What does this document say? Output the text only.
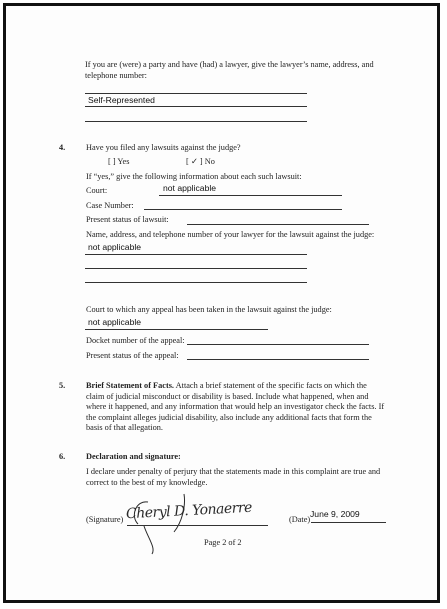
If you are (were) a party and have (had) a lawyer, give the lawyer’s name, address, and telephone number:
Self-Represented
4.	Have you filed any lawsuits against the judge?
[ ] Yes	[ ✓ ] No
If “yes,” give the following information about each such lawsuit:
Court:	not applicable
Case Number:
Present status of lawsuit:
Name, address, and telephone number of your lawyer for the lawsuit against the judge:
not applicable
Court to which any appeal has been taken in the lawsuit against the judge:
not applicable
Docket number of the appeal:
Present status of the appeal:
5.	Brief Statement of Facts. Attach a brief statement of the specific facts on which the claim of judicial misconduct or disability is based. Include what happened, when and where it happened, and any information that would help an investigator check the facts. If the complaint alleges judicial disability, also include any additional facts that form the basis of that allegation.
6.	Declaration and signature:
I declare under penalty of perjury that the statements made in this complaint are true and correct to the best of my knowledge.
(Signature) Cheryl D. Yonaerre	(Date)
June 9, 2009
Page 2 of 2
